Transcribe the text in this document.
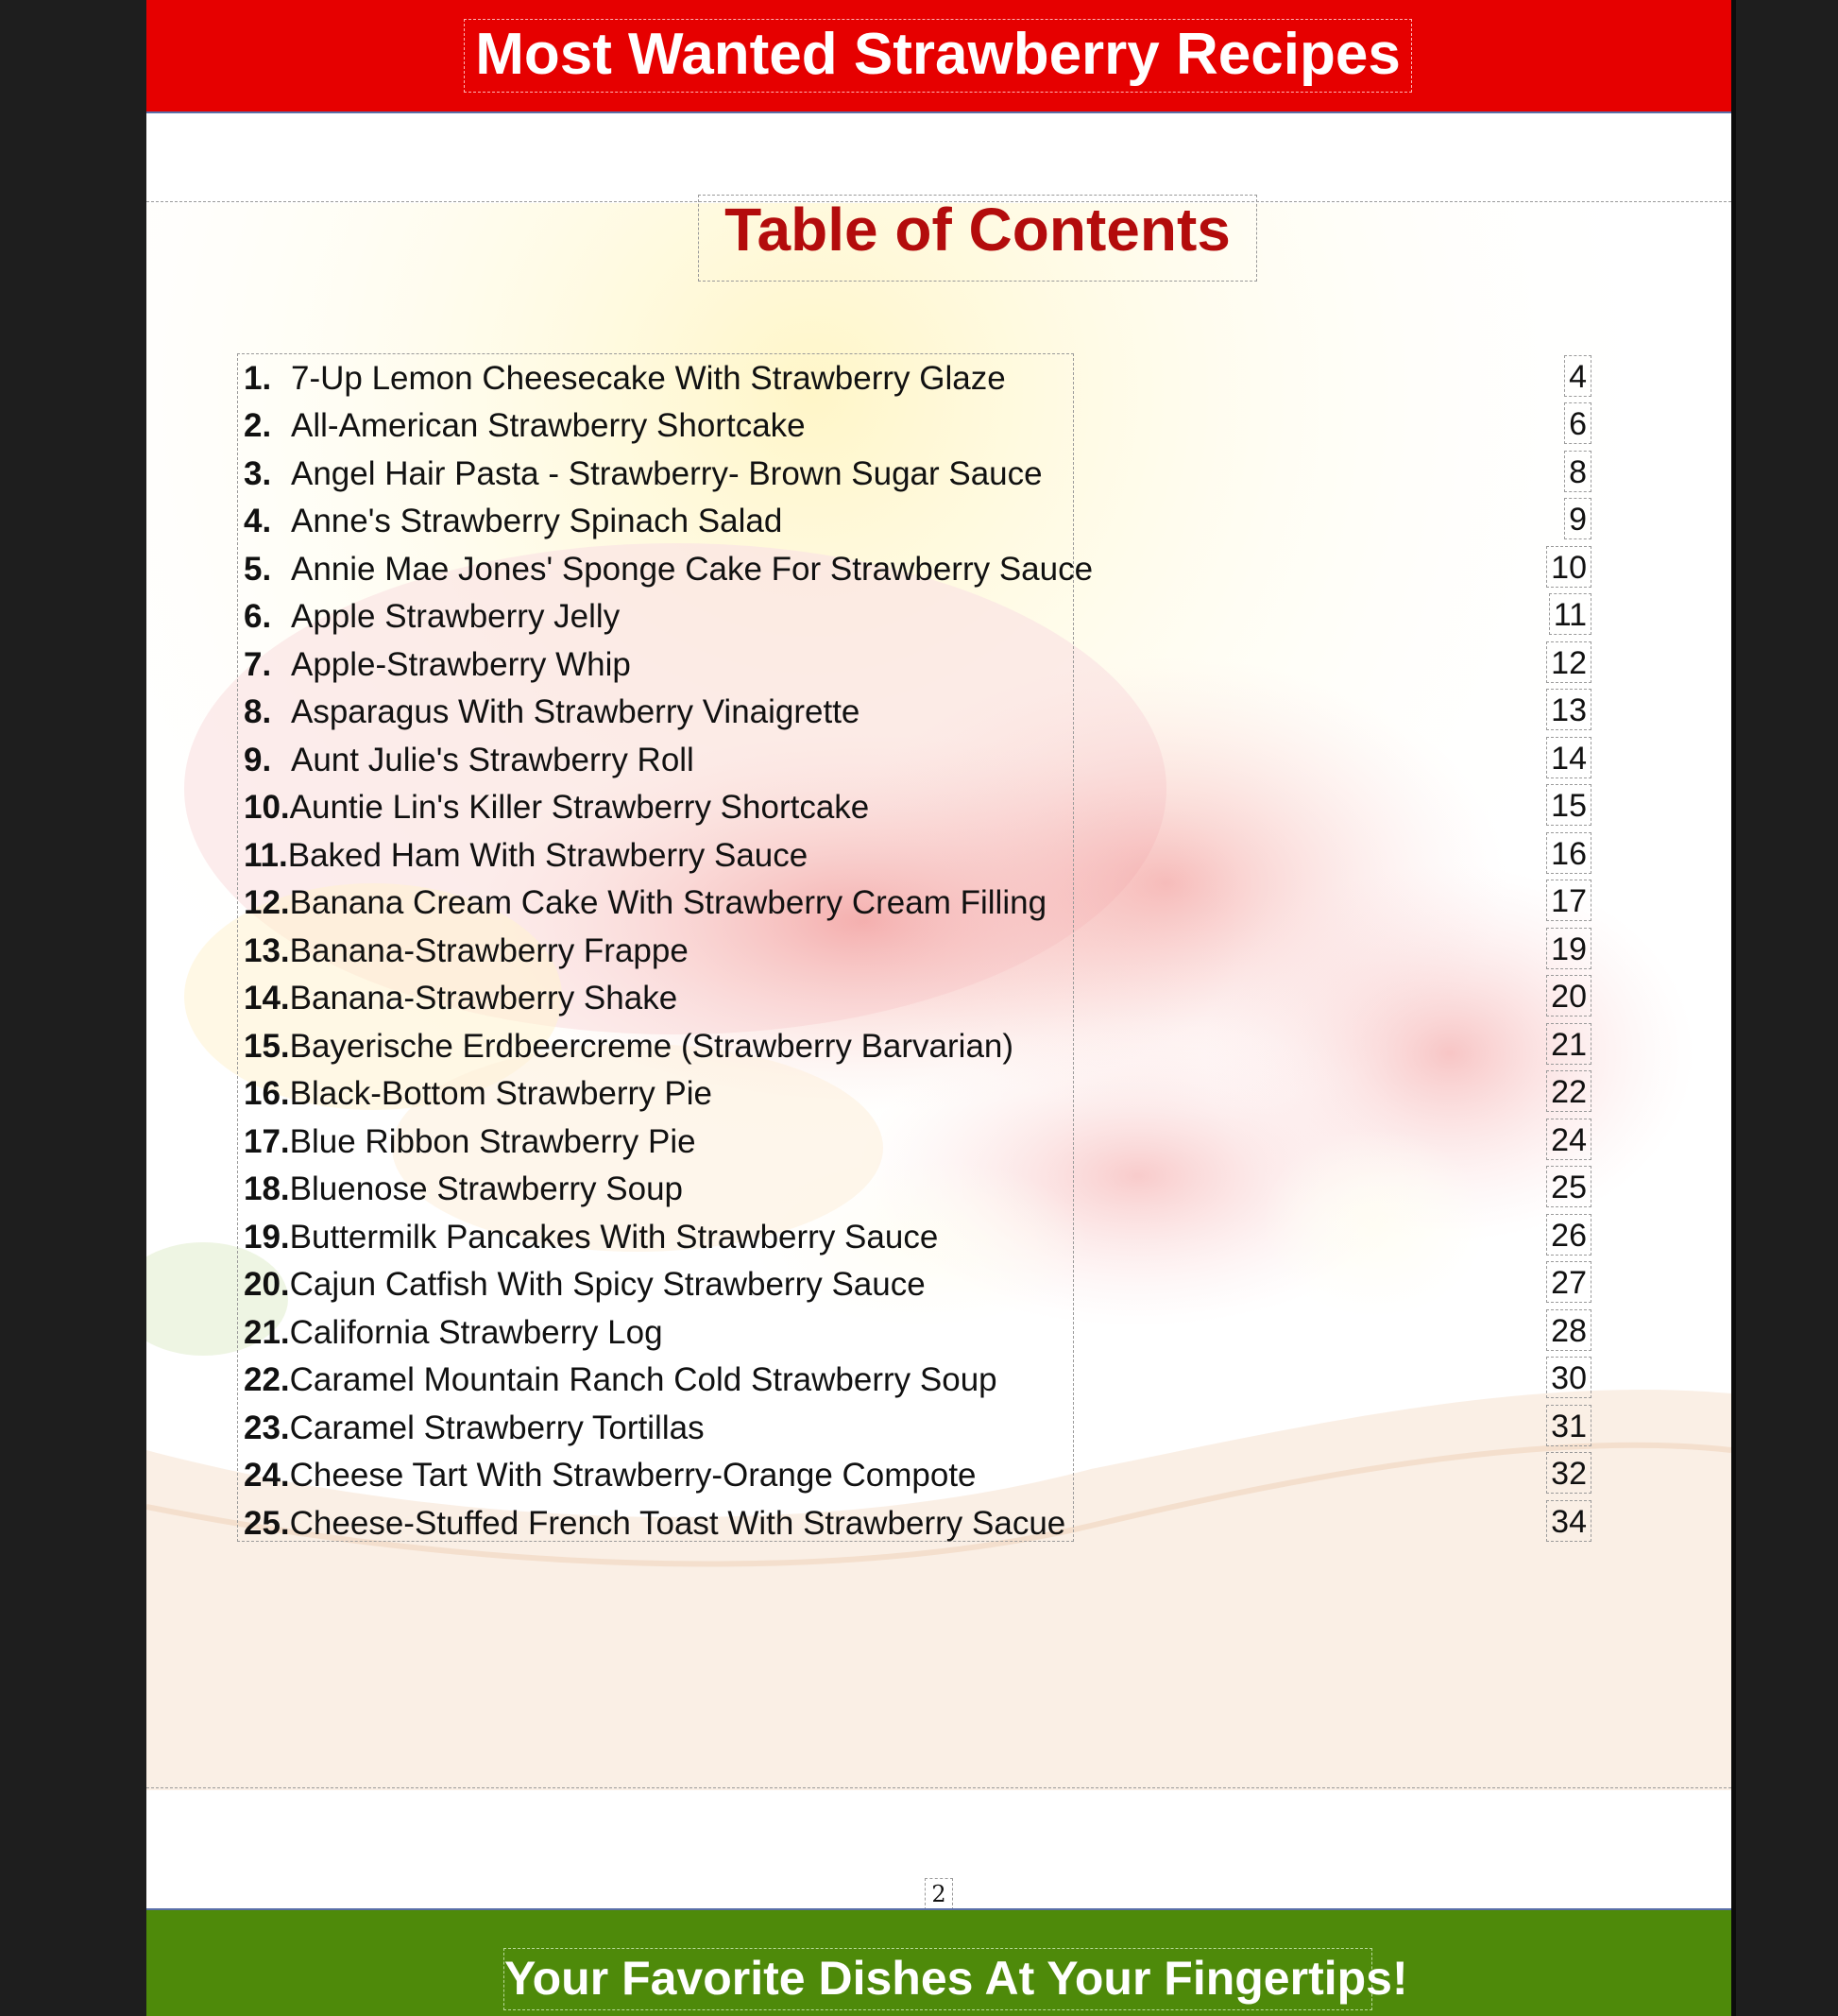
Most Wanted Strawberry Recipes
Table of Contents
1. 7-Up Lemon Cheesecake With Strawberry Glaze
2. All-American Strawberry Shortcake
3. Angel Hair Pasta - Strawberry- Brown Sugar Sauce
4. Anne's Strawberry Spinach Salad
5. Annie Mae Jones' Sponge Cake For Strawberry Sauce
6. Apple Strawberry Jelly
7. Apple-Strawberry Whip
8. Asparagus With Strawberry Vinaigrette
9. Aunt Julie's Strawberry Roll
10.Auntie Lin's Killer Strawberry Shortcake
11.Baked Ham With Strawberry Sauce
12.Banana Cream Cake With Strawberry Cream Filling
13.Banana-Strawberry Frappe
14.Banana-Strawberry Shake
15.Bayerische Erdbeercreme (Strawberry Barvarian)
16.Black-Bottom Strawberry Pie
17.Blue Ribbon Strawberry Pie
18.Bluenose Strawberry Soup
19.Buttermilk Pancakes With Strawberry Sauce
20.Cajun Catfish With Spicy Strawberry Sauce
21.California Strawberry Log
22.Caramel Mountain Ranch Cold Strawberry Soup
23.Caramel Strawberry Tortillas
24.Cheese Tart With Strawberry-Orange Compote
25.Cheese-Stuffed French Toast With Strawberry Sacue
4
6
8
9
10
11
12
13
14
15
16
17
19
20
21
22
24
25
26
27
28
30
31
32
34
2
Your Favorite Dishes At Your Fingertips!
